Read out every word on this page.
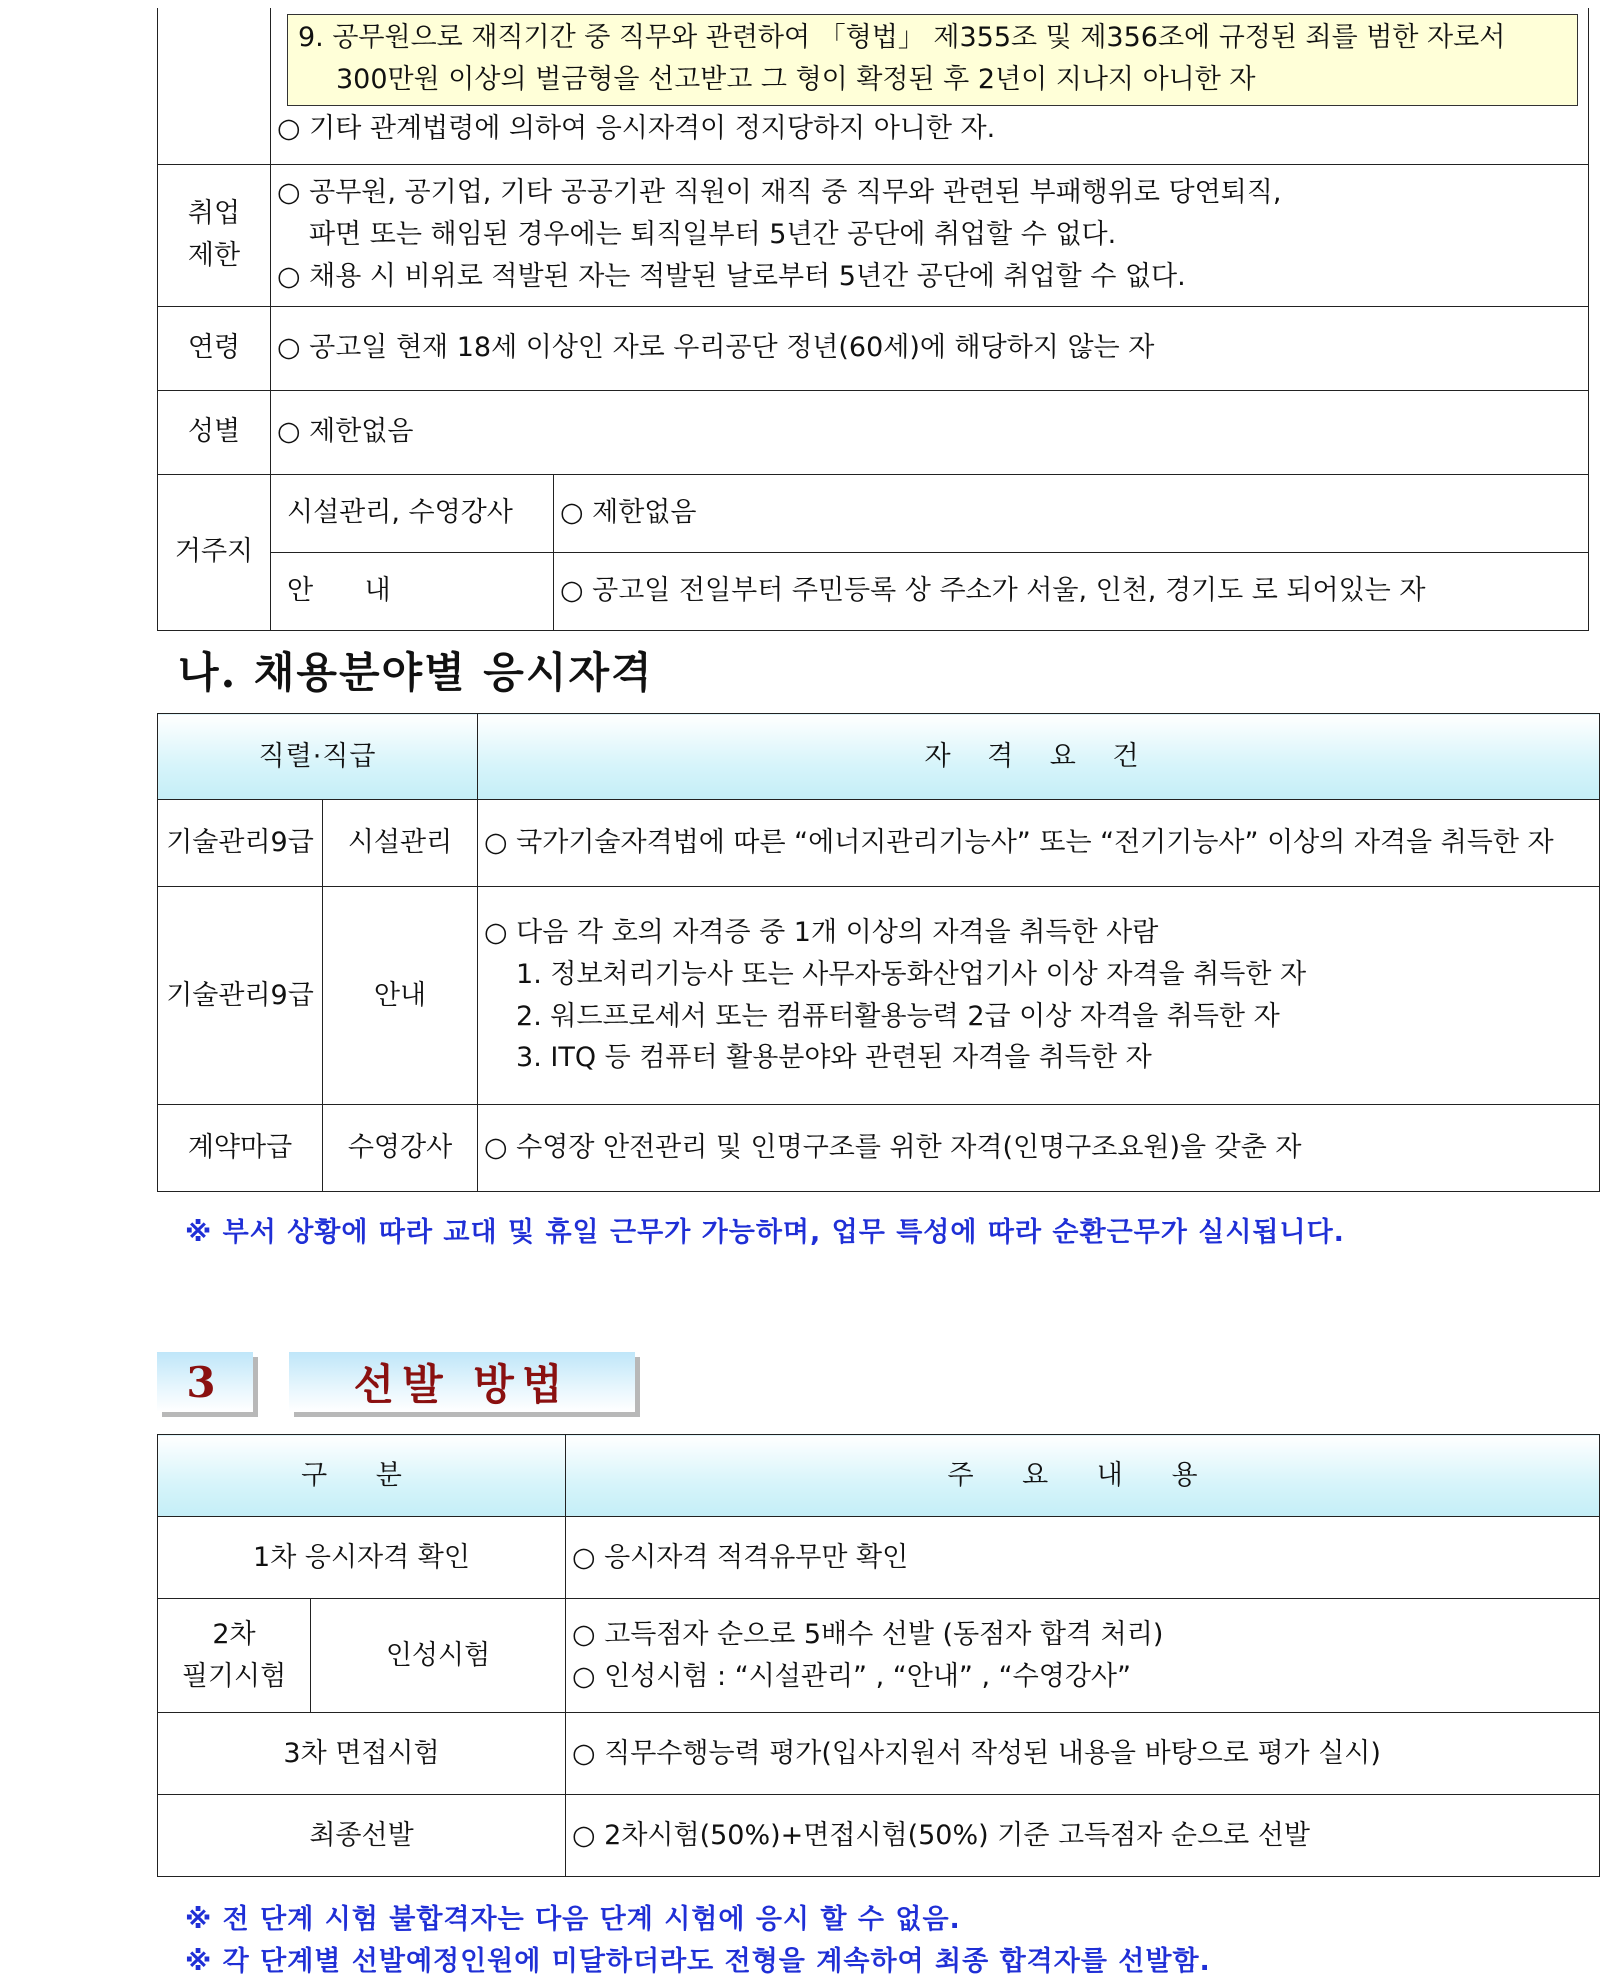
	9. 공무원으로 재직기간 중 직무와 관련하여 「형법」 제355조 및 제356조에 규정된 죄를 범한 자로서
300만원 이상의 벌금형을 선고받고 그 형이 확정된 후 2년이 지나지 아니한 자
○ 기타 관계법령에 의하여 응시자격이 정지당하지 아니한 자.	

취업
제한	○ 공무원, 공기업, 기타 공공기관 직원이 재직 중 직무와 관련된 부패행위로 당연퇴직,
파면 또는 해임된 경우에는 퇴직일부터 5년간 공단에 취업할 수 없다.
○ 채용 시 비위로 적발된 자는 적발된 날로부터 5년간 공단에 취업할 수 없다.	

연령	○ 공고일 현재 18세 이상인 자로 우리공단 정년(60세)에 해당하지 않는 자	
성별	○ 제한없음	
거주지	시설관리, 수영강사	○ 제한없음
	안      내	○ 공고일 전일부터 주민등록 상 주소가 서울, 인천, 경기도 로 되어있는 자
나. 채용분야별 응시자격
직렬·직급		자 격 요 건
기술관리9급	시설관리	○ 국가기술자격법에 따른 “에너지관리기능사” 또는 “전기기능사” 이상의 자격을 취득한 자

기술관리9급	안내	○ 다음 각 호의 자격증 중 1개 이상의 자격을 취득한 사람
1. 정보처리기능사 또는 사무자동화산업기사 이상 자격을 취득한 자
2. 워드프로세서 또는 컴퓨터활용능력 2급 이상 자격을 취득한 자
3. ITQ 등 컴퓨터 활용분야와 관련된 자격을 취득한 자

계약마급	수영강사	○ 수영장 안전관리 및 인명구조를 위한 자격(인명구조요원)을 갖춘 자
※ 부서 상황에 따라 교대 및 휴일 근무가 가능하며, 업무 특성에 따라 순환근무가 실시됩니다.
3	선발 방법
구 분		주 요 내 용
1차 응시자격 확인		○ 응시자격 적격유무만 확인

2차
필기시험	인성시험	○ 고득점자 순으로 5배수 선발 (동점자 합격 처리)
○ 인성시험 : “시설관리” , “안내” , “수영강사”

3차 면접시험		○ 직무수행능력 평가(입사지원서 작성된 내용을 바탕으로 평가 실시)
최종선발		○ 2차시험(50%)+면접시험(50%) 기준 고득점자 순으로 선발
※ 전 단계 시험 불합격자는 다음 단계 시험에 응시 할 수 없음.
※ 각 단계별 선발예정인원에 미달하더라도 전형을 계속하여 최종 합격자를 선발함.
